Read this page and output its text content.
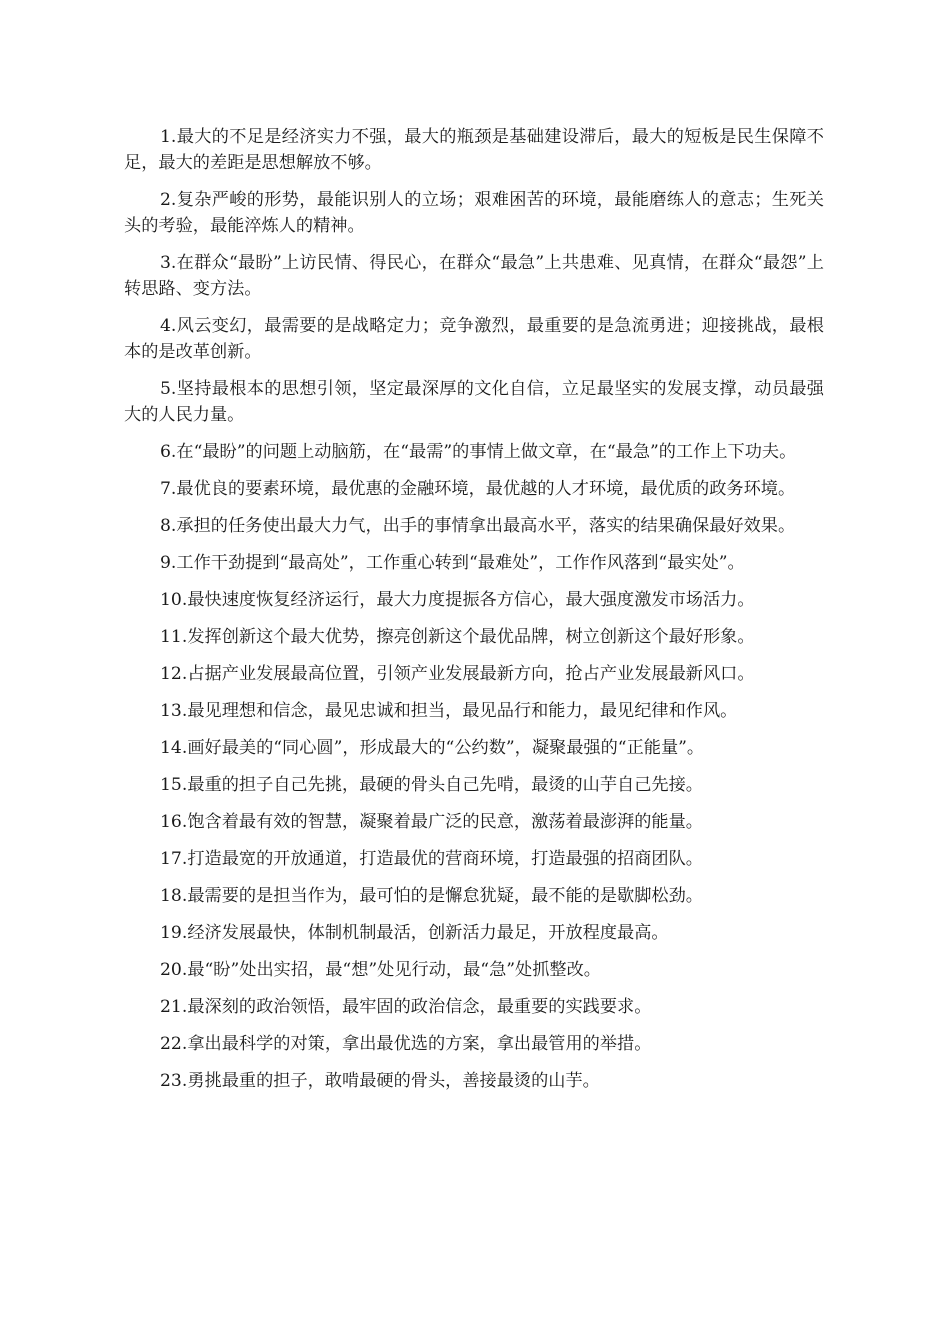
1.最大的不足是经济实力不强，最大的瓶颈是基础建设滞后，最大的短板是民生保障不足，最大的差距是思想解放不够。

2.复杂严峻的形势，最能识别人的立场；艰难困苦的环境，最能磨练人的意志；生死关头的考验，最能淬炼人的精神。

3.在群众“最盼”上访民情、得民心，在群众“最急”上共患难、见真情，在群众“最怨”上转思路、变方法。

4.风云变幻，最需要的是战略定力；竞争激烈，最重要的是急流勇进；迎接挑战，最根本的是改革创新。

5.坚持最根本的思想引领，坚定最深厚的文化自信，立足最坚实的发展支撑，动员最强大的人民力量。

6.在“最盼”的问题上动脑筋，在“最需”的事情上做文章，在“最急”的工作上下功夫。

7.最优良的要素环境，最优惠的金融环境，最优越的人才环境，最优质的政务环境。

8.承担的任务使出最大力气，出手的事情拿出最高水平，落实的结果确保最好效果。

9.工作干劲提到“最高处”，工作重心转到“最难处”，工作作风落到“最实处”。

10.最快速度恢复经济运行，最大力度提振各方信心，最大强度激发市场活力。

11.发挥创新这个最大优势，擦亮创新这个最优品牌，树立创新这个最好形象。

12.占据产业发展最高位置，引领产业发展最新方向，抢占产业发展最新风口。

13.最见理想和信念，最见忠诚和担当，最见品行和能力，最见纪律和作风。

14.画好最美的“同心圆”，形成最大的“公约数”，凝聚最强的“正能量”。

15.最重的担子自己先挑，最硬的骨头自己先啃，最烫的山芋自己先接。

16.饱含着最有效的智慧，凝聚着最广泛的民意，激荡着最澎湃的能量。

17.打造最宽的开放通道，打造最优的营商环境，打造最强的招商团队。

18.最需要的是担当作为，最可怕的是懈怠犹疑，最不能的是歇脚松劲。

19.经济发展最快，体制机制最活，创新活力最足，开放程度最高。

20.最“盼”处出实招，最“想”处见行动，最“急”处抓整改。

21.最深刻的政治领悟，最牢固的政治信念，最重要的实践要求。

22.拿出最科学的对策，拿出最优选的方案，拿出最管用的举措。

23.勇挑最重的担子，敢啃最硬的骨头，善接最烫的山芋。
